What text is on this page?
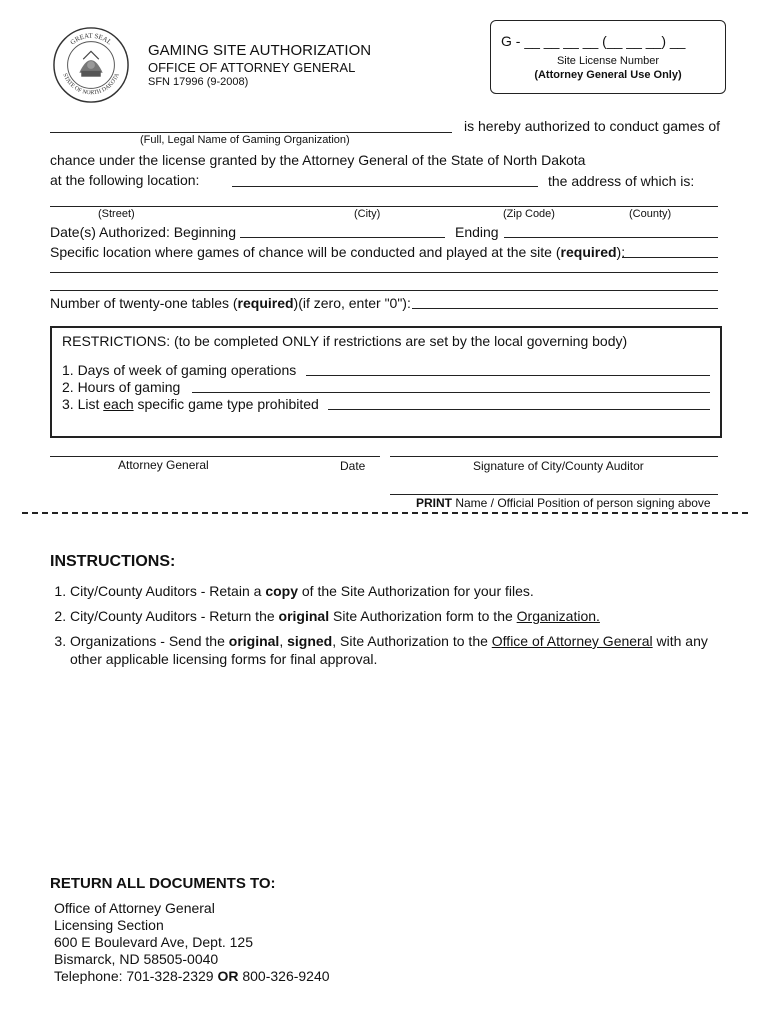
GREAT SEAL
STATE OF NORTH DAKOTA
GAMING SITE AUTHORIZATION
OFFICE OF ATTORNEY GENERAL
SFN 17996 (9-2008)
G - __ __ __ __ (__ __ __) __
Site License Number
(Attorney General Use Only)
is hereby authorized to conduct games of
(Full, Legal Name of Gaming Organization)
chance under the license granted by the Attorney General of the State of North Dakota
at the following location:	the address of which is:
(Street)	(City)	(Zip Code)	(County)
Date(s) Authorized: Beginning	Ending
Specific location where games of chance will be conducted and played at the site (required):
Number of twenty-one tables (required)(if zero, enter "0"):
RESTRICTIONS: (to be completed ONLY if restrictions are set by the local governing body)
1. Days of week of gaming operations
2. Hours of gaming
3. List each specific game type prohibited
Attorney General	Date	Signature of City/County Auditor
PRINT Name / Official Position of person signing above
INSTRUCTIONS:
1. City/County Auditors - Retain a copy of the Site Authorization for your files.
2. City/County Auditors - Return the original Site Authorization form to the Organization.
3. Organizations - Send the original, signed, Site Authorization to the Office of Attorney General with any other applicable licensing forms for final approval.
RETURN ALL DOCUMENTS TO:
Office of Attorney General
Licensing Section
600 E Boulevard Ave, Dept. 125
Bismarck, ND 58505-0040
Telephone: 701-328-2329 OR 800-326-9240
